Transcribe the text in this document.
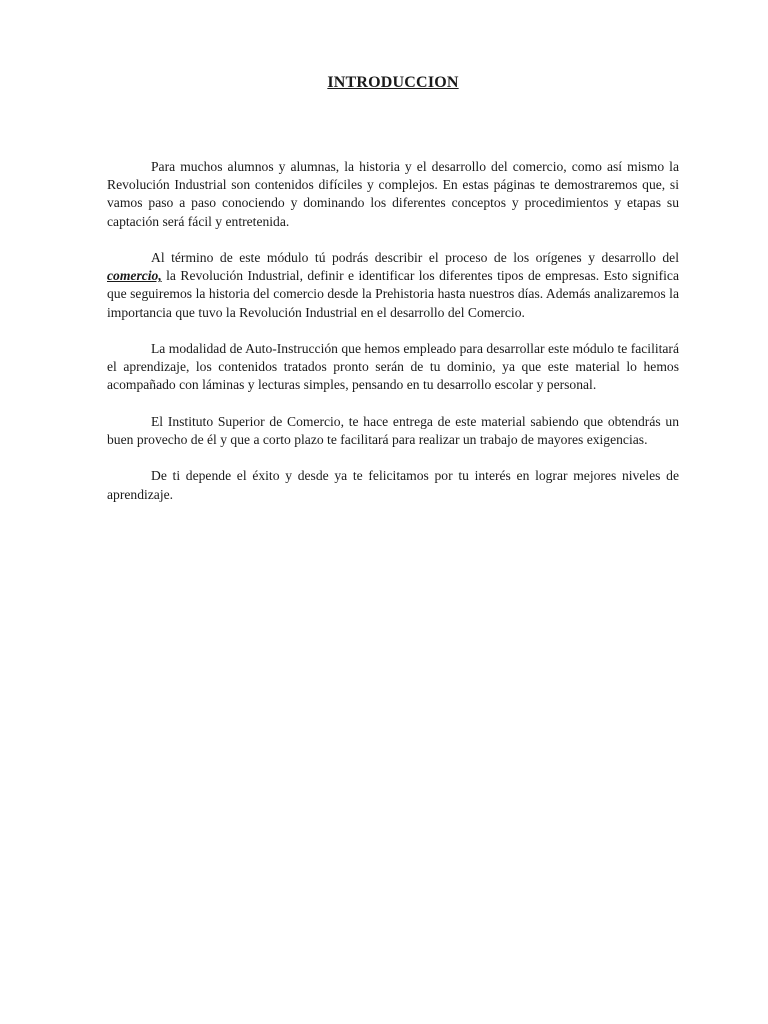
INTRODUCCION

Para muchos alumnos y alumnas, la historia y el desarrollo del comercio, como así mismo la Revolución Industrial son contenidos difíciles y complejos. En estas páginas te demostraremos que, si vamos paso a paso conociendo y dominando los diferentes conceptos y procedimientos y etapas su captación será fácil y entretenida.

Al término de este módulo tú podrás describir el proceso de los orígenes y desarrollo del comercio, la Revolución Industrial, definir e identificar los diferentes tipos de empresas. Esto significa que seguiremos la historia del comercio desde la Prehistoria hasta nuestros días. Además analizaremos la importancia que tuvo la Revolución Industrial en el desarrollo del Comercio.

La modalidad de Auto-Instrucción que hemos empleado para desarrollar este módulo te facilitará el aprendizaje, los contenidos tratados pronto serán de tu dominio, ya que este material lo hemos acompañado con láminas y lecturas simples, pensando en tu desarrollo escolar y personal.

El Instituto Superior de Comercio, te hace entrega de este material sabiendo que obtendrás un buen provecho de él y que a corto plazo te facilitará para realizar un trabajo de mayores exigencias.

De ti depende el éxito y desde ya te felicitamos por tu interés en lograr mejores niveles de aprendizaje.
